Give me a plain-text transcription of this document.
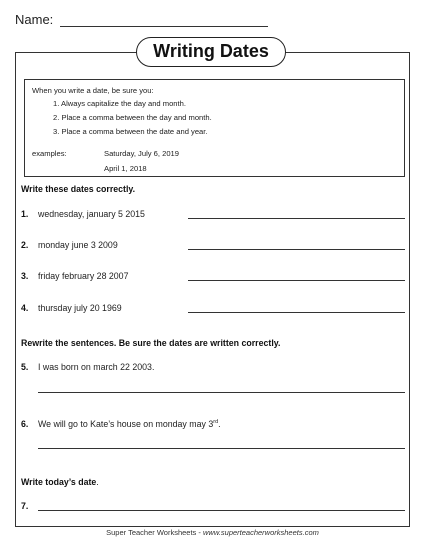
Name:
Writing Dates
When you write a date, be sure you:
1. Always capitalize the day and month.
2. Place a comma between the day and month.
3. Place a comma between the date and year.
examples:	Saturday, July 6, 2019
April 1, 2018
Write these dates correctly.
1. wednesday, january 5 2015
2. monday june 3 2009
3. friday february 28 2007
4. thursday july 20 1969
Rewrite the sentences. Be sure the dates are written correctly.
5. I was born on march 22 2003.
6. We will go to Kate’s house on monday may 3rd.
Write today’s date.
7.
Super Teacher Worksheets - www.superteacherworksheets.com
